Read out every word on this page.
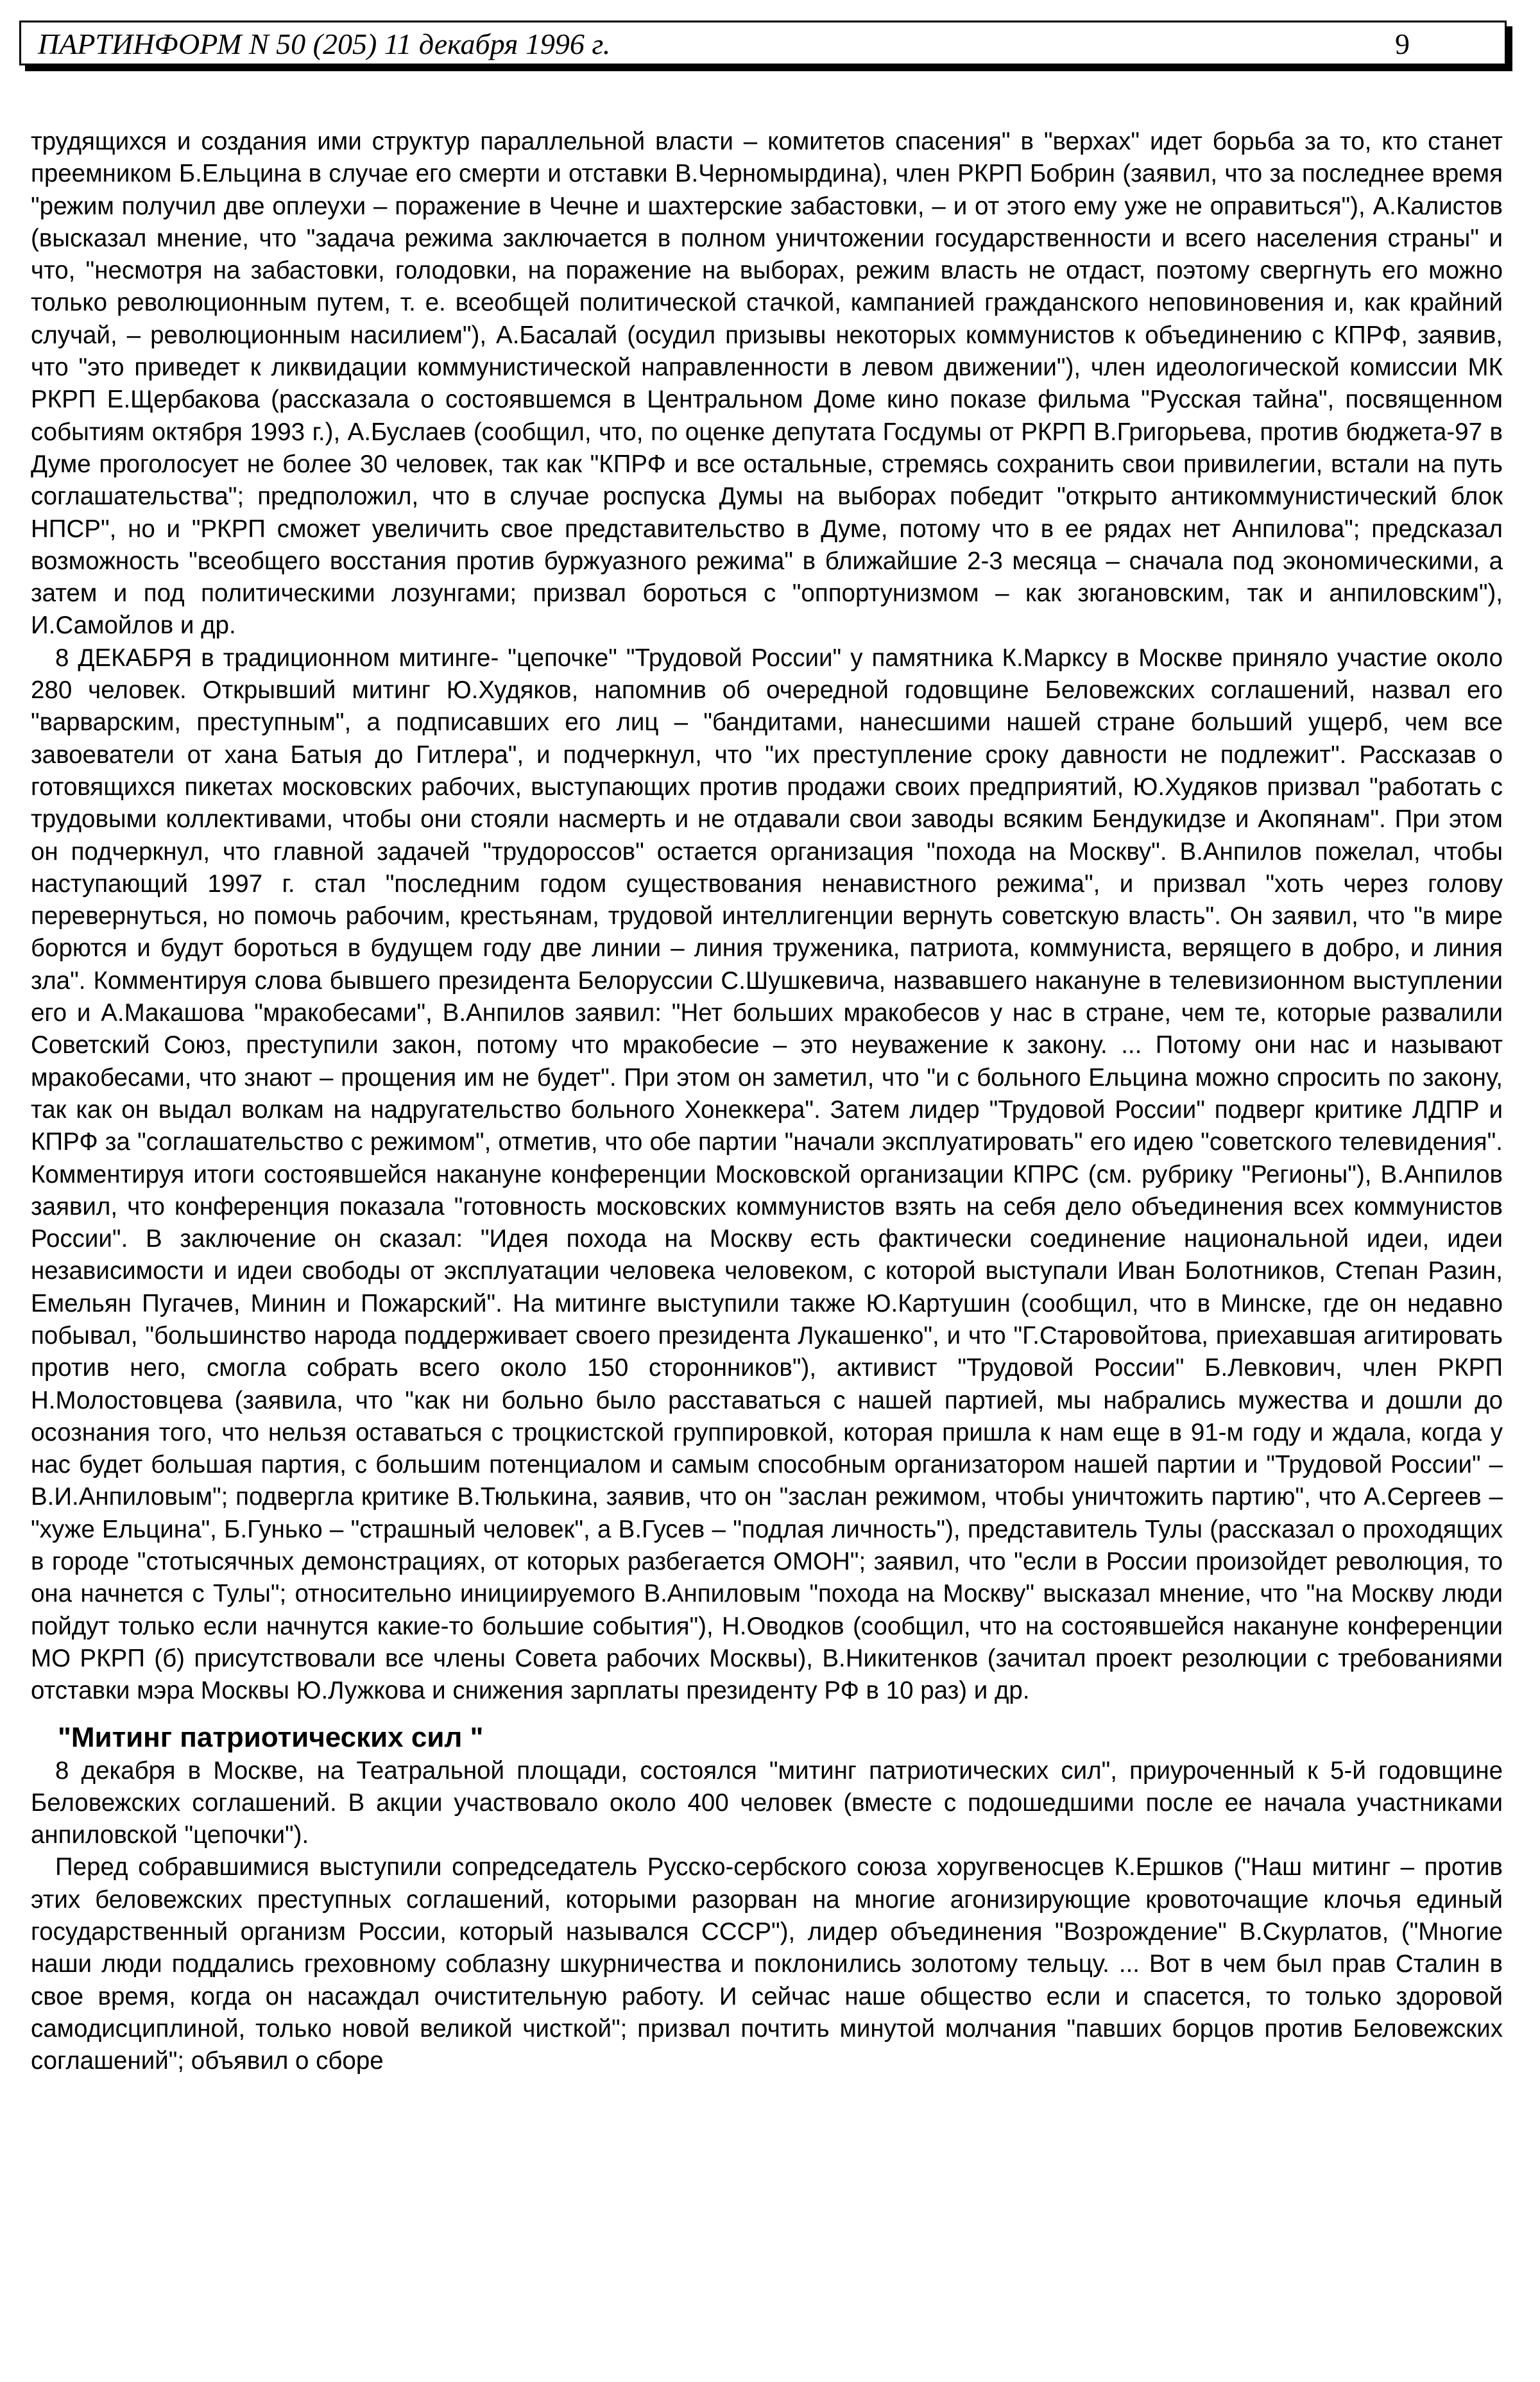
ПАРТИНФОРМ N 50 (205) 11 декабря 1996 г.	9

трудящихся и создания ими структур параллельной власти – комитетов спасения" в "верхах" идет борьба за то, кто станет преемником Б.Ельцина в случае его смерти и отставки В.Черномырдина), член РКРП Бобрин (заявил, что за последнее время "режим получил две оплеухи – поражение в Чечне и шахтерские забастовки, – и от этого ему уже не оправиться"), А.Калистов (высказал мнение, что "задача режима заключается в полном уничтожении государственности и всего населения страны" и что, "несмотря на забастовки, голодовки, на поражение на выборах, режим власть не отдаст, поэтому свергнуть его можно только революционным путем, т. е. всеобщей политической стачкой, кампанией гражданского неповиновения и, как крайний случай, – революционным насилием"), А.Басалай (осудил призывы некоторых коммунистов к объединению с КПРФ, заявив, что "это приведет к ликвидации коммунистической направленности в левом движении"), член идеологической комиссии МК РКРП Е.Щербакова (рассказала о состоявшемся в Центральном Доме кино показе фильма "Русская тайна", посвященном событиям октября 1993 г.), А.Буслаев (сообщил, что, по оценке депутата Госдумы от РКРП В.Григорьева, против бюджета-97 в Думе проголосует не более 30 человек, так как "КПРФ и все остальные, стремясь сохранить свои привилегии, встали на путь соглашательства"; предположил, что в случае роспуска Думы на выборах победит "открыто антикоммунистический блок НПСР", но и "РКРП сможет увеличить свое представительство в Думе, потому что в ее рядах нет Анпилова"; предсказал возможность "всеобщего восстания против буржуазного режима" в ближайшие 2-3 месяца – сначала под экономическими, а затем и под политическими лозунгами; призвал бороться с "оппортунизмом – как зюгановским, так и анпиловским"), И.Самойлов и др.

8 ДЕКАБРЯ в традиционном митинге- "цепочке" "Трудовой России" у памятника К.Марксу в Москве приняло участие около 280 человек. Открывший митинг Ю.Худяков, напомнив об очередной годовщине Беловежских соглашений, назвал его "варварским, преступным", а подписавших его лиц – "бандитами, нанесшими нашей стране больший ущерб, чем все завоеватели от хана Батыя до Гитлера", и подчеркнул, что "их преступление сроку давности не подлежит". Рассказав о готовящихся пикетах московских рабочих, выступающих против продажи своих предприятий, Ю.Худяков призвал "работать с трудовыми коллективами, чтобы они стояли насмерть и не отдавали свои заводы всяким Бендукидзе и Акопянам". При этом он подчеркнул, что главной задачей "трудороссов" остается организация "похода на Москву". В.Анпилов пожелал, чтобы наступающий 1997 г. стал "последним годом существования ненавистного режима", и призвал "хоть через голову перевернуться, но помочь рабочим, крестьянам, трудовой интеллигенции вернуть советскую власть". Он заявил, что "в мире борются и будут бороться в будущем году две линии – линия труженика, патриота, коммуниста, верящего в добро, и линия зла". Комментируя слова бывшего президента Белоруссии С.Шушкевича, назвавшего накануне в телевизионном выступлении его и А.Макашова "мракобесами", В.Анпилов заявил: "Нет больших мракобесов у нас в стране, чем те, которые развалили Советский Союз, преступили закон, потому что мракобесие – это неуважение к закону. ... Потому они нас и называют мракобесами, что знают – прощения им не будет". При этом он заметил, что "и с больного Ельцина можно спросить по закону, так как он выдал волкам на надругательство больного Хонеккера". Затем лидер "Трудовой России" подверг критике ЛДПР и КПРФ за "соглашательство с режимом", отметив, что обе партии "начали эксплуатировать" его идею "советского телевидения". Комментируя итоги состоявшейся накануне конференции Московской организации КПРС (см. рубрику "Регионы"), В.Анпилов заявил, что конференция показала "готовность московских коммунистов взять на себя дело объединения всех коммунистов России". В заключение он сказал: "Идея похода на Москву есть фактически соединение национальной идеи, идеи независимости и идеи свободы от эксплуатации человека человеком, с которой выступали Иван Болотников, Степан Разин, Емельян Пугачев, Минин и Пожарский". На митинге выступили также Ю.Картушин (сообщил, что в Минске, где он недавно побывал, "большинство народа поддерживает своего президента Лукашенко", и что "Г.Старовойтова, приехавшая агитировать против него, смогла собрать всего около 150 сторонников"), активист "Трудовой России" Б.Левкович, член РКРП Н.Молостовцева (заявила, что "как ни больно было расставаться с нашей партией, мы набрались мужества и дошли до осознания того, что нельзя оставаться с троцкистской группировкой, которая пришла к нам еще в 91-м году и ждала, когда у нас будет большая партия, с большим потенциалом и самым способным организатором нашей партии и "Трудовой России" – В.И.Анпиловым"; подвергла критике В.Тюлькина, заявив, что он "заслан режимом, чтобы уничтожить партию", что А.Сергеев – "хуже Ельцина", Б.Гунько – "страшный человек", а В.Гусев – "подлая личность"), представитель Тулы (рассказал о проходящих в городе "стотысячных демонстрациях, от которых разбегается ОМОН"; заявил, что "если в России произойдет революция, то она начнется с Тулы"; относительно инициируемого В.Анпиловым "похода на Москву" высказал мнение, что "на Москву люди пойдут только если начнутся какие-то большие события"), Н.Оводков (сообщил, что на состоявшейся накануне конференции МО РКРП (б) присутствовали все члены Совета рабочих Москвы), В.Никитенков (зачитал проект резолюции с требованиями отставки мэра Москвы Ю.Лужкова и снижения зарплаты президенту РФ в 10 раз) и др.

"Митинг патриотических сил "

8 декабря в Москве, на Театральной площади, состоялся "митинг патриотических сил", приуроченный к 5-й годовщине Беловежских соглашений. В акции участвовало около 400 человек (вместе с подошедшими после ее начала участниками анпиловской "цепочки").

Перед собравшимися выступили сопредседатель Русско-сербского союза хоругвеносцев К.Ершков ("Наш митинг – против этих беловежских преступных соглашений, которыми разорван на многие агонизирующие кровоточащие клочья единый государственный организм России, который назывался СССР"), лидер объединения "Возрождение" В.Скурлатов, ("Многие наши люди поддались греховному соблазну шкурничества и поклонились золотому тельцу. ... Вот в чем был прав Сталин в свое время, когда он насаждал очистительную работу. И сейчас наше общество если и спасется, то только здоровой самодисциплиной, только новой великой чисткой"; призвал почтить минутой молчания "павших борцов против Беловежских соглашений"; объявил о сборе
